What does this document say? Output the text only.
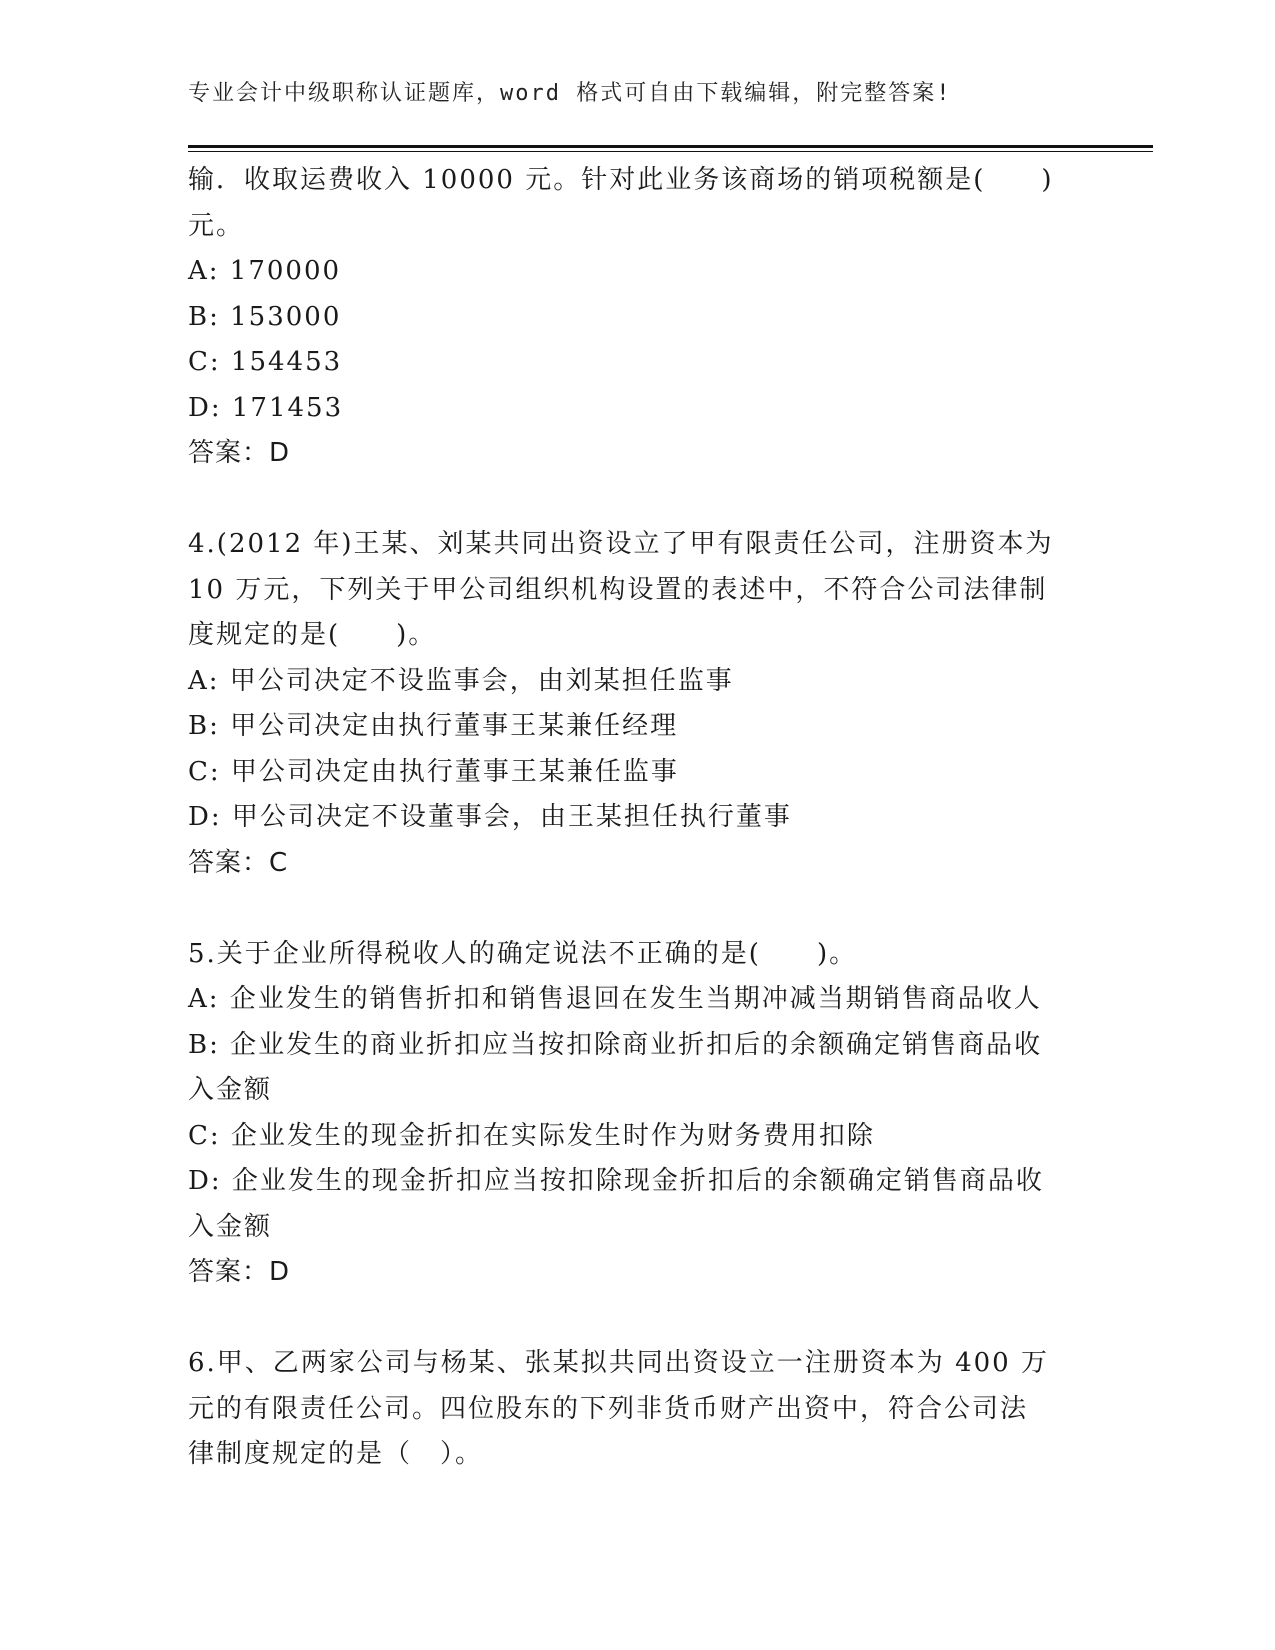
专业会计中级职称认证题库，word 格式可自由下载编辑，附完整答案!
输．收取运费收入 10000 元。针对此业务该商场的销项税额是(　　)
元。
A: 170000
B: 153000
C: 154453
D: 171453
答案：D
4.(2012 年)王某、刘某共同出资设立了甲有限责任公司，注册资本为
10 万元，下列关于甲公司组织机构设置的表述中，不符合公司法律制
度规定的是(　　)。
A: 甲公司决定不设监事会，由刘某担任监事
B: 甲公司决定由执行董事王某兼任经理
C: 甲公司决定由执行董事王某兼任监事
D: 甲公司决定不设董事会，由王某担任执行董事
答案：C
5.关于企业所得税收人的确定说法不正确的是(　　)。
A: 企业发生的销售折扣和销售退回在发生当期冲减当期销售商品收人
B: 企业发生的商业折扣应当按扣除商业折扣后的余额确定销售商品收
入金额
C: 企业发生的现金折扣在实际发生时作为财务费用扣除
D: 企业发生的现金折扣应当按扣除现金折扣后的余额确定销售商品收
入金额
答案：D
6.甲、乙两家公司与杨某、张某拟共同出资设立一注册资本为 400 万
元的有限责任公司。四位股东的下列非货币财产出资中，符合公司法
律制度规定的是（　）。
